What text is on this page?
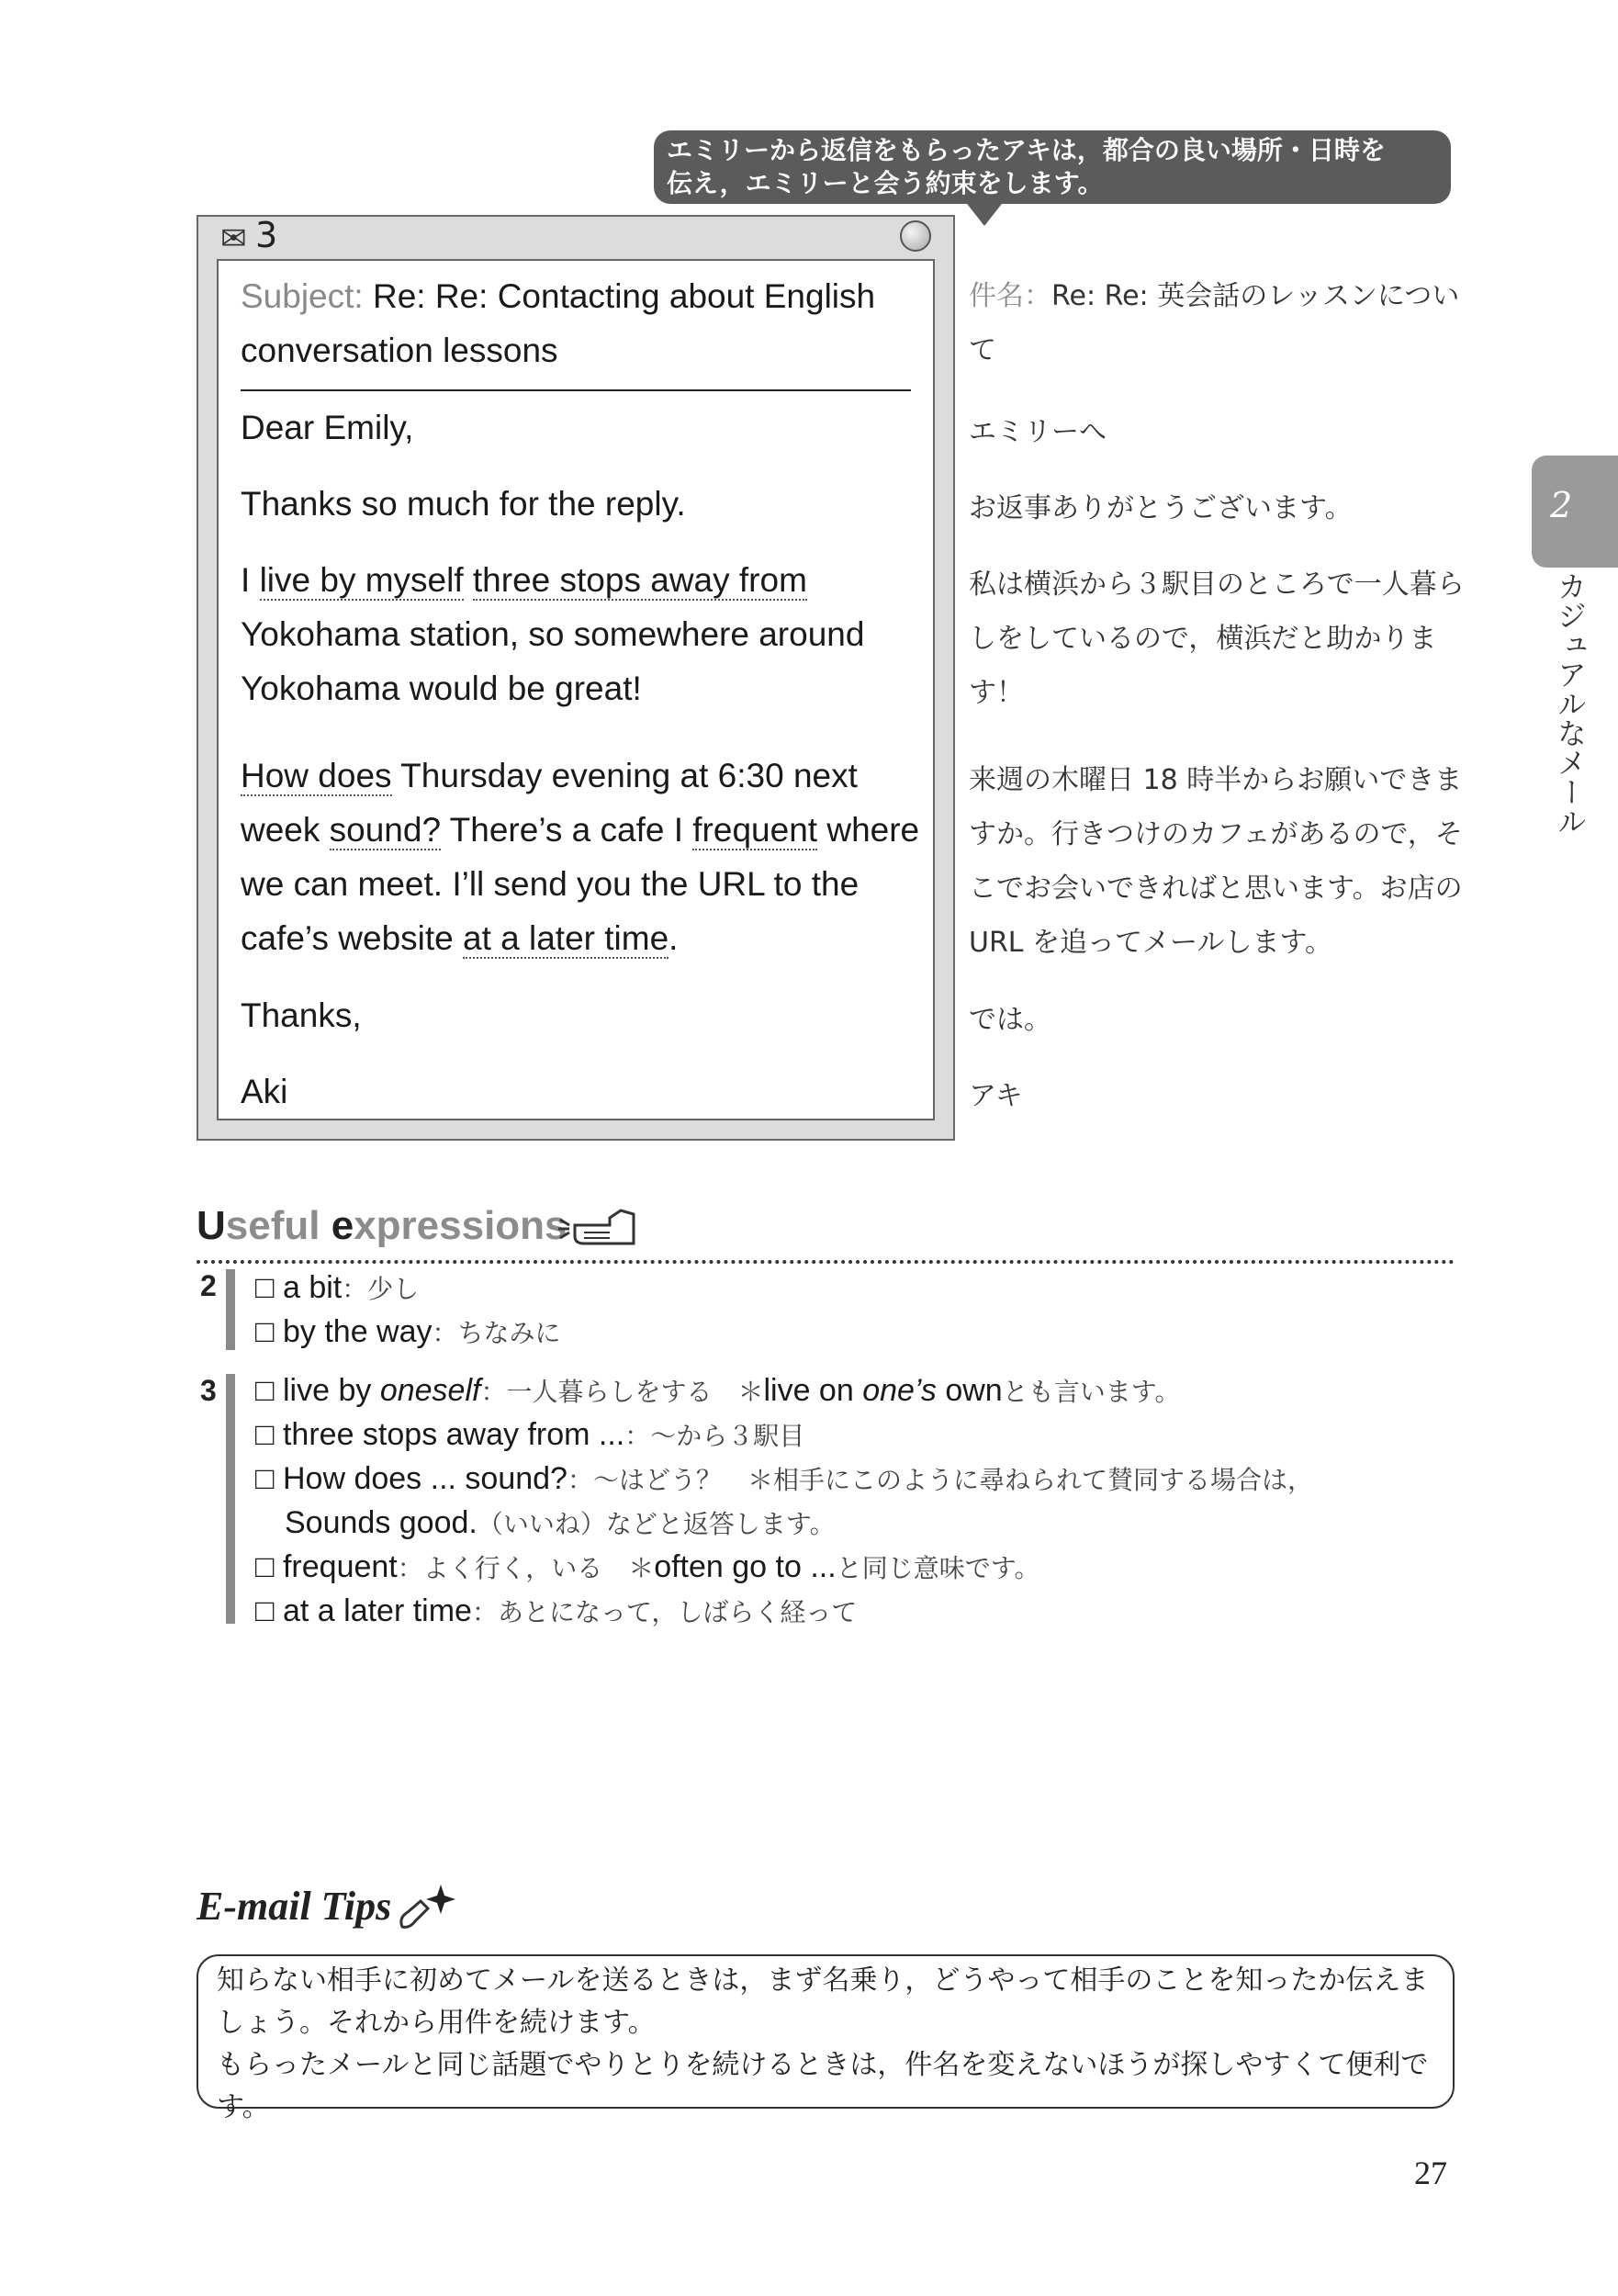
エミリーから返信をもらったアキは，都合の良い場所・日時を
伝え，エミリーと会う約束をします。
✉ 3
Subject: Re: Re: Contacting about English conversation lessons
Dear Emily,
Thanks so much for the reply.
I live by myself three stops away from Yokohama station, so somewhere around Yokohama would be great!
How does Thursday evening at 6:30 next week sound? There’s a cafe I frequent where we can meet. I’ll send you the URL to the cafe’s website at a later time.
Thanks,
Aki
件名：Re: Re: 英会話のレッスンについて
エミリーへ
お返事ありがとうございます。
私は横浜から３駅目のところで一人暮らしをしているので，横浜だと助かります！
来週の木曜日 18 時半からお願いできますか。行きつけのカフェがあるので，そこでお会いできればと思います。お店の URL を追ってメールします。
では。
アキ
2
カジュアルなメール
Useful expressions
2 □ a bit：少し
□ by the way：ちなみに
3 □ live by oneself：一人暮らしをする　＊live on one’s ownとも言います。
□ three stops away from ...：～から３駅目
□ How does ... sound?：～はどう？　＊相手にこのように尋ねられて賛同する場合は，
Sounds good.（いいね）などと返答します。
□ frequent：よく行く，いる　＊often go to ...と同じ意味です。
□ at a later time：あとになって，しばらく経って
E-mail Tips
知らない相手に初めてメールを送るときは，まず名乗り，どうやって相手のことを知ったか伝えま
しょう。それから用件を続けます。
もらったメールと同じ話題でやりとりを続けるときは，件名を変えないほうが探しやすくて便利です。
27
